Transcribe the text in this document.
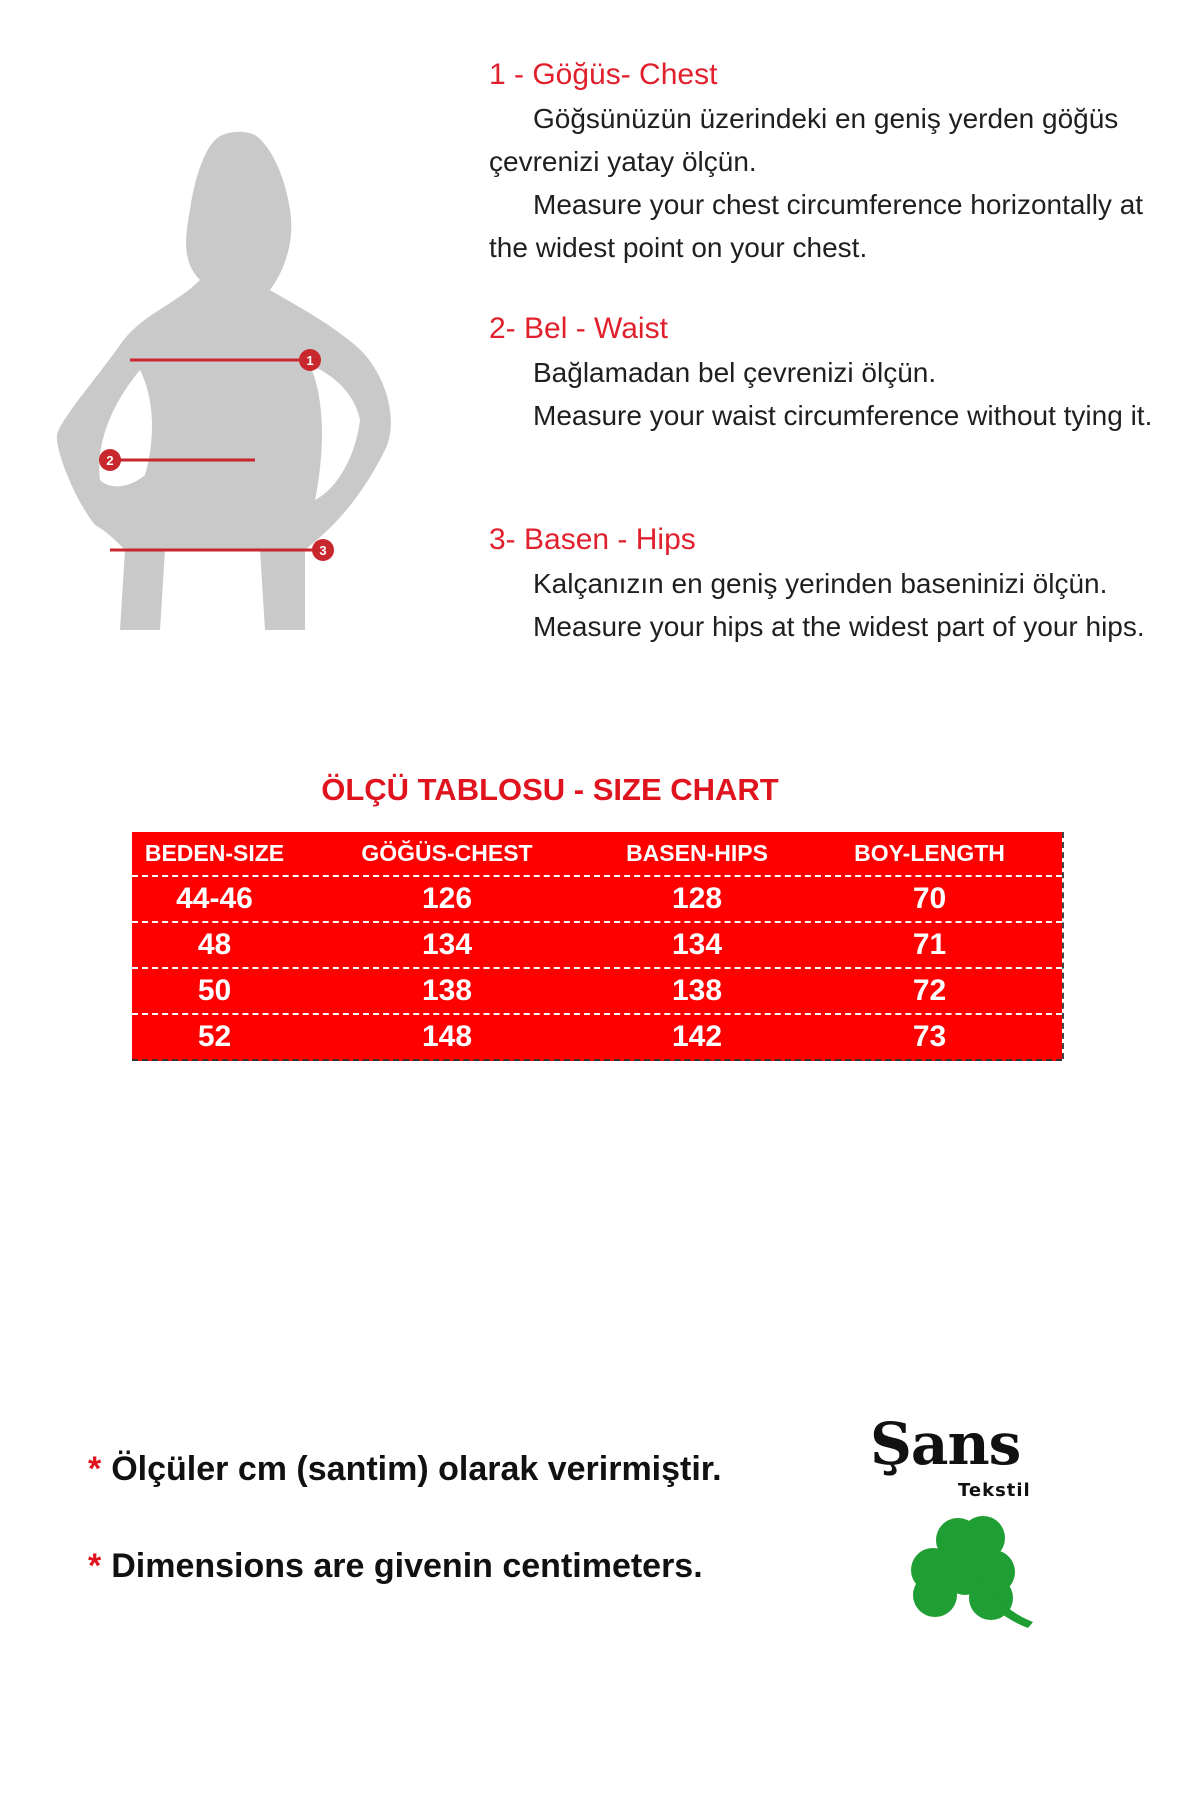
1
2
3
1 - Göğüs- Chest
Göğsünüzün üzerindeki en geniş yerden göğüs çevrenizi yatay ölçün.
Measure your chest circumference horizontally at the widest point on your chest.
2- Bel - Waist
Bağlamadan bel çevrenizi ölçün.
Measure your waist circumference without tying it.
3- Basen - Hips
Kalçanızın en geniş yerinden baseninizi ölçün.
Measure your hips at the widest part of your hips.
ÖLÇÜ TABLOSU - SIZE CHART
BEDEN-SIZE	GÖĞÜS-CHEST	BASEN-HIPS	BOY-LENGTH
44-46	126	128	70
48	134	134	71
50	138	138	72
52	148	142	73
* Ölçüler cm (santim) olarak verirmiştir.
* Dimensions are givenin centimeters.
Şans
Tekstil
